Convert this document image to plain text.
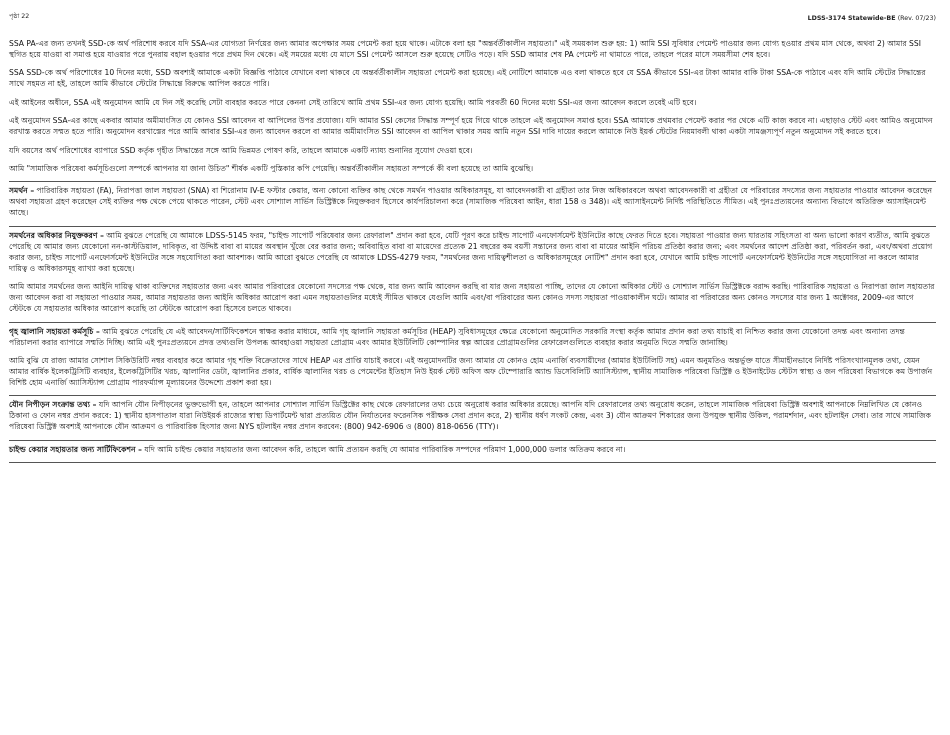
পৃষ্ঠা 22	LDSS-3174 Statewide-BE (Rev. 07/23)

SSA PA-এর জন্য তখনই SSD-কে অর্থ পরিশোধ করবে যদি SSA-এর যোগ্যতা নির্ণয়ের জন্য আমার অপেক্ষার সময় পেমেন্ট করা হয়ে থাকে। এটাকে বলা হয় "অন্তর্বর্তীকালীন সহায়তা।" এই সময়কাল শুরু হয়: 1) আমি SSI সুবিধার পেমেন্ট পাওয়ার জন্য যোগ্য হওয়ার প্রথম মাস থেকে, অথবা 2) আমার SSI স্থগিত হয়ে যাওয়া বা সমাপ্ত হয়ে যাওয়ার পরে পুনরায় বহাল হওয়ার পরে প্রথম দিন থেকে। এই সময়ের মধ্যে যে মাসে SSI পেমেন্ট আসলে শুরু হয়েছে সেটিও পড়ে। যদি SSD আমার শেষ PA পেমেন্ট না থামাতে পারে, তাহলে পরের মাসে সময়সীমা শেষ হবে।

SSA SSD-কে অর্থ পরিশোধের 10 দিনের মধ্যে, SSD অবশ্যই আমাকে একটা বিজ্ঞপ্তি পাঠাবে যেখানে বলা থাকবে যে অন্তর্বর্তীকালীন সহায়তা পেমেন্ট করা হয়েছে। এই নোটিশে আমাকে এও বলা থাকতে হবে যে SSA কীভাবে SSI-এর টাকা আমার বাকি টাকা SSA-কে পাঠাবে এবং যদি আমি স্টেটের সিদ্ধান্তের সাথে সহমত না হই, তাহলে আমি কীভাবে স্টেটের সিদ্ধান্তে বিরুদ্ধে আপিল করতে পারি।

এই আইনের অধীনে, SSA এই অনুমোদন আমি যে দিন সই করেছি সেটা ব্যবহার করতে পারে কেননা সেই তারিখে আমি প্রথম SSI-এর জন্য যোগ্য হয়েছি। আমি পরবর্তী 60 দিনের মধ্যে SSI-এর জন্য আবেদন করলে তবেই এটি হবে।

এই অনুমোদন SSA-এর কাছে একবার আমার অমীমাংসিত যে কোনও SSI আবেদন বা আপিলের উপর প্রযোজ্য। যদি আমার SSI কেসের সিদ্ধান্ত সম্পূর্ণ হয়ে গিয়ে থাকে তাহলে এই অনুমোদন সমাপ্ত হবে। SSA আমাকে প্রথমবার পেমেন্ট করার পর থেকে এটি কাজ করবে না। এছাড়াও স্টেট এবং আমিও অনুমোদন বরখাস্ত করতে সম্মত হতে পারি। অনুমোদন বরখাস্তের পরে আমি আবার SSI-এর জন্য আবেদন করলে বা আমার অমীমাংসিত SSI আবেদন বা আপিল থাকার সময় আমি নতুন SSI দাবি দায়ের করলে আমাকে নিউ ইয়র্ক স্টেটের নিয়মাবলী থাকা একটা সামঞ্জস্যপূর্ণ নতুন অনুমোদন সই করতে হবে।

যদি বয়সের অর্থ পরিশোধের ব্যাপারে SSD কর্তৃক গৃহীত সিদ্ধান্তের সঙ্গে আমি ভিন্নমত পোষণ করি, তাহলে আমাকে একটি ন্যায্য শুনানির সুযোগ দেওয়া হবে।

আমি "সামাজিক পরিষেবা কর্মসূচিগুলো সম্পর্কে আপনার যা জানা উচিত" শীর্ষক একটি পুস্তিকার কপি পেয়েছি। অন্তর্বর্তীকালীন সহায়তা সম্পর্কে কী বলা হয়েছে তা আমি বুঝেছি।

সমর্থন – পারিবারিক সহায়তা (FA), নিরাপত্তা জাল সহায়তা (SNA) বা শিরোনাম IV-E ফস্টার কেয়ার, অন্য কোনো ব্যক্তির কাছ থেকে সমর্থন পাওয়ার অধিকারসমূহ, যা আবেদনকারী বা গ্রহীতা তার নিজ অধিকারবলে অথবা আবেদনকারী বা গ্রহীতা যে পরিবারের সদস্যের জন্য সহায়তার পাওয়ার আবেদন করেছেন অথবা সহায়তা গ্রহণ করেছেন সেই ব্যক্তির পক্ষ থেকে পেয়ে থাকতে পারেন, স্টেট এবং সোশ্যাল সার্ভিস ডিস্ট্রিক্টকে নিযুক্তকরণ হিসেবে কার্যপরিচালনা করে (সামাজিক পরিষেবা আইন, ধারা 158 ও 348)। এই অ্যাসাইনমেন্ট নির্দিষ্ট পরিস্থিতিতে সীমিত। এই পুনঃপ্রত্যয়নের অন্যান্য বিভাগে অতিরিক্ত অ্যাসাইনমেন্ট আছে।

সমর্থনের অধিকার নিযুক্তকরণ – আমি বুঝতে পেরেছি যে আমাকে LDSS-5145 ফরম, "চাইল্ড সাপোর্ট পরিষেবার জন্য রেফারাল" প্রদান করা হবে, যেটি পূরণ করে চাইল্ড সাপোর্ট এনফোর্সমেন্ট ইউনিটের কাছে ফেরত দিতে হবে। সহায়তা পাওয়ার জন্য ঘারতায় সহিংসতা বা অন্য ভালো কারণ ব্যতীত, আমি বুঝতে পেরেছি যে আমার জন্য যেকোনো নন-কাস্টডিয়াল, দাবিকৃত, বা উদ্দিষ্ট বাবা বা মায়ের অবস্থান খুঁজে বের করার জন্য; অবিবাহিত বাবা বা মায়েদের প্রত্যেক 21 বছরের কম বয়সী সন্তানের জন্য বাবা বা মায়ের আইনি পরিচয় প্রতিষ্ঠা করার জন্য; এবং সমর্থনের আদেশ প্রতিষ্ঠা করা, পরিবর্তন করা, এবং/অথবা প্রয়োগ করার জন্য, চাইল্ড সাপোর্ট এনফোর্সমেন্ট ইউনিটের সঙ্গে সহযোগিতা করা আবশ্যক। আমি আরো বুঝতে পেরেছি যে আমাকে LDSS-4279 ফরম, "সমর্থনের জন্য দায়িত্বশীলতা ও অধিকারসমূহের নোটিশ" প্রদান করা হবে, যেখানে আমি চাইল্ড সাপোর্ট এনফোর্সমেন্ট ইউনিটের সঙ্গে সহযোগিতা না করলে আমার দায়িত্ব ও অধিকারসমূহ ব্যাখ্যা করা হয়েছে।

আমি আমার সমর্থনের জন্য আইনি দায়িত্ব থাকা ব্যক্তিদের সহায়তার জন্য এবং আমার পরিবারের যেকোনো সদস্যের পক্ষ থেকে, যার জন্য আমি আবেদন করছি বা যার জন্য সহায়তা পাচ্ছি, তাদের যে কোনো অধিকার স্টেট ও সোশ্যাল সার্ভিস ডিস্ট্রিক্টকে বরাদ্দ করছি। পারিবারিক সহায়তা ও নিরাপত্তা জাল সহায়তার জন্য আবেদন করা বা সহায়তা পাওয়ার সময়, আমার সহায়তার জন্য আইনি অধিকার আরোপ করা এমন সহায়তাগুলির মধ্যেই সীমিত থাকবে যেগুলি আমি এবং/বা পরিবারের অন্য কোনও সদস্য সহায়তা পাওয়াকালীন ঘটে। আমার বা পরিবারের অন্য কোনও সদস্যের যার জন্য 1 অক্টোবর, 2009-এর আগে স্টেটকে যে সহায়তার অধিকার আরোপ করেছি তা স্টেটকে আরোপ করা হিসেবে চলতে থাকবে।

গৃহ জ্বালানি সহায়তা কর্মসূচি – আমি বুঝতে পেরেছি যে এই আবেদন/সার্টিফিকেশনে স্বাক্ষর করার মাধ্যমে, আমি গৃহ জ্বালানি সহায়তা কর্মসূচির (HEAP) সুবিধাসমূহের ক্ষেত্রে যেকোনো অনুমোদিত সরকারি সংস্থা কর্তৃক আমার প্রদান করা তথ্য যাচাই বা নিশ্চিত করার জন্য যেকোনো তদন্ত এবং অন্যান্য তদন্ত পরিচালনা করার ব্যাপারে সম্মতি দিচ্ছি। আমি এই পুনঃপ্রত্যয়নে প্রদত্ত তথ্যগুলি উপলব্ধ আবহাওয়া সহায়তা প্রোগ্রাম এবং আমার ইউটিলিটি কোম্পানির স্বল্প আয়ের প্রোগ্রামগুলির রেফারেলগুলিতে ব্যবহার করার অনুমতি দিতে সম্মতি জানাচ্ছি।

আমি বুঝি যে রাজ্য আমার সোশাল সিকিউরিটি নম্বর ব্যবহার করে আমার গৃহ শক্তি বিক্রেতাদের সাথে HEAP এর প্রাপ্তি যাচাই করবে। এই অনুমোদনটির জন্য আমার যে কোনও হোম এনার্জি ব্যবসায়ীদের (আমার ইউটিলিটি সহ) এমন অনুমতিও অন্তর্ভুক্ত যাতে সীমাহীনভাবে নির্দিষ্ট পরিসংখ্যানমূলক তথ্য, যেমন আমার বার্ষিক ইলেকট্রিসিটি ব্যবহার, ইলেকট্রিসিটির খরচ, জ্বালানির ডেটা, জ্বালানির প্রকার, বার্ষিক জ্বালানির খরচ ও পেমেন্টের ইতিহাস নিউ ইয়র্ক স্টেট অফিস অফ টেম্পোরারি অ্যান্ড ডিসেবিলিটি অ্যাসিস্ট্যান্স, স্থানীয় সামাজিক পরিষেবা ডিস্ট্রিক্ট ও ইউনাইটেড স্টেটস স্বাস্থ্য ও জন পরিষেবা বিভাগকে কম উপার্জন বিশিষ্ট হোম এনার্জি অ্যাসিস্ট্যান্স প্রোগ্রাম পারফর্ম্যান্স মূল্যায়নের উদ্দেশ্যে প্রকাশ করা হয়।

যৌন নিপীড়ন সংক্রান্ত তথ্য – যদি আপনি যৌন নিপীড়নের ভুক্তভোগী হন, তাহলে আপনার সোশ্যাল সার্ভিস ডিস্ট্রিক্টের কাছ থেকে রেফারালের তথ্য চেয়ে অনুরোধ করার অধিকার রয়েছে। আপনি যদি রেফারালের তথ্য অনুরোধ করেন, তাহলে সামাজিক পরিষেবা ডিস্ট্রিক্ট অবশ্যই আপনাকে নিম্নলিখিত যে কোনও ঠিকানা ও ফোন নম্বর প্রদান করবে: 1) স্থানীয় হাসপাতাল যারা নিউইয়র্ক রাজ্যের স্বাস্থ্য ডিপার্টমেন্ট দ্বারা প্রত্যয়িত যৌন নির্যাতনের ফরেনসিক পরীক্ষক সেবা প্রদান করে, 2) স্থানীয় ধর্ষণ সংকট কেন্দ্র, এবং 3) যৌন আক্রমণ শিকারের জন্য উপযুক্ত স্থানীয় উকিল, পরামর্শদান, এবং হটলাইন সেবা। তার সাথে সামাজিক পরিষেবা ডিস্ট্রিক্ট অবশ্যই আপনাকে যৌন আক্রমণ ও পারিবারিক হিংসার জন্য NYS হটলাইন নম্বর প্রদান করবেন: (800) 942-6906 ও (800) 818-0656 (TTY)।

চাইল্ড কেয়ার সহায়তার জন্য সার্টিফিকেশন – যদি আমি চাইল্ড কেয়ার সহায়তার জন্য আবেদন করি, তাহলে আমি প্রত্যয়ন করছি যে আমার পারিবারিক সম্পদের পরিমাণ 1,000,000 ডলার অতিক্রম করবে না।
